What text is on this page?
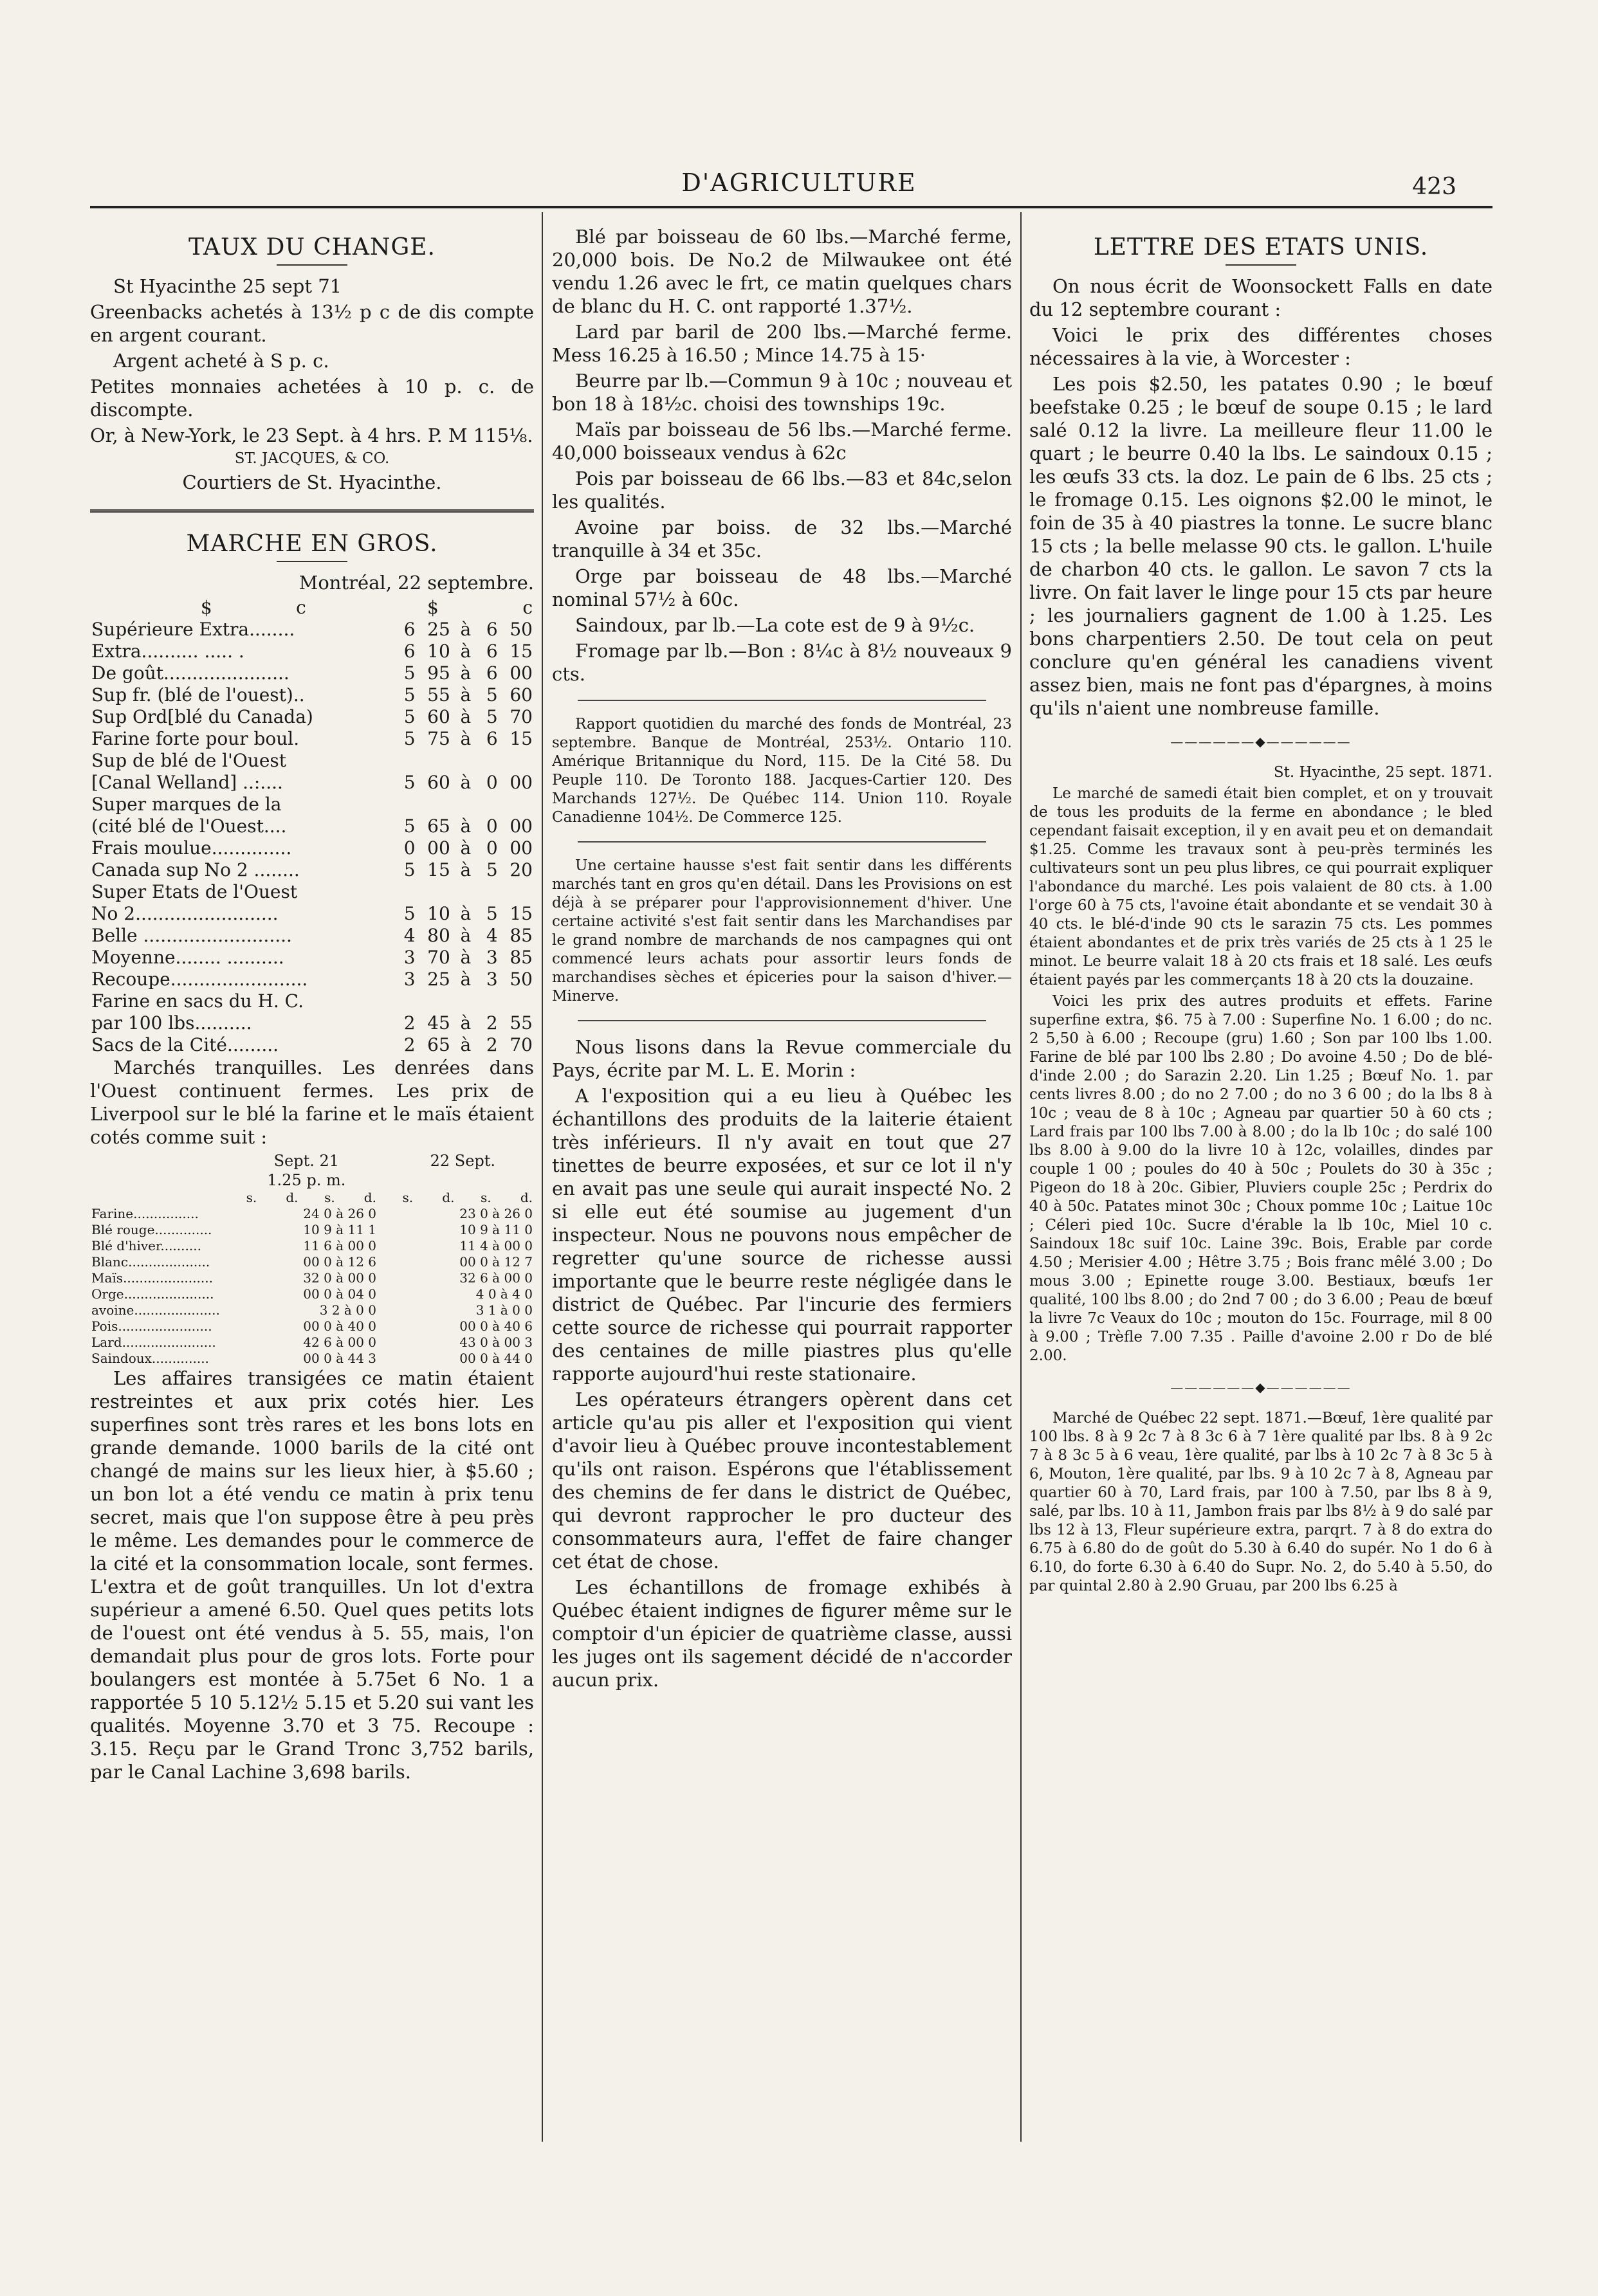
D'AGRICULTURE	423
TAUX DU CHANGE.

St Hyacinthe 25 sept 71

Greenbacks achetés à 13½ p c de dis compte en argent courant.

Argent acheté à S p. c.

Petites monnaies achetées à 10 p. c. de discompte.

Or, à New-York, le 23 Sept. à 4 hrs. P. M 115⅛.

ST. JACQUES, & CO.

Courtiers de St. Hyacinthe.

MARCHE EN GROS.

Montréal, 22 septembre.

	$	c		$	c
Supérieure Extra........	6	25	à	6	50
Extra.......... ..... .	6	10	à	6	15
De goût......................	5	95	à	6	00
Sup fr. (blé de l'ouest)..	5	55	à	5	60
Sup Ord[blé du Canada)	5	60	à	5	70
Farine forte pour boul.	5	75	à	6	15
Sup de blé de l'Ouest					
[Canal Welland] ..:....	5	60	à	0	00
Super marques de la					
(cité blé de l'Ouest....	5	65	à	0	00
Frais moulue..............	0	00	à	0	00
Canada sup No 2 ........	5	15	à	5	20
Super Etats de l'Ouest					
No 2.........................	5	10	à	5	15
Belle ..........................	4	80	à	4	85
Moyenne........ ..........	3	70	à	3	85
Recoupe........................	3	25	à	3	50
Farine en sacs du H. C.					
par 100 lbs..........	2	45	à	2	55
Sacs de la Cité.........	2	65	à	2	70

Marchés tranquilles. Les denrées dans l'Ouest continuent fermes. Les prix de Liverpool sur le blé la farine et le maïs étaient cotés comme suit :

	Sept. 21	22 Sept.
	1.25 p. m.	
	s.	d.	s.	d.	s.	d.	s.	d.
Farine................	24 0 à 26 0	23 0 à 26 0
Blé rouge..............	10 9 à 11 1	10 9 à 11 0
Blé d'hiver..........	11 6 à 00 0	11 4 à 00 0
Blanc....................	00 0 à 12 6	00 0 à 12 7
Maïs......................	32 0 à 00 0	32 6 à 00 0
Orge......................	00 0 à 04 0	4 0 à 4 0
avoine.....................	3 2 à 0 0	3 1 à 0 0
Pois.......................	00 0 à 40 0	00 0 à 40 6
Lard.......................	42 6 à 00 0	43 0 à 00 3
Saindoux..............	00 0 à 44 3	00 0 à 44 0

Les affaires transigées ce matin étaient restreintes et aux prix cotés hier. Les superfines sont très rares et les bons lots en grande demande. 1000 barils de la cité ont changé de mains sur les lieux hier, à $5.60 ; un bon lot a été vendu ce matin à prix tenu secret, mais que l'on suppose être à peu près le même. Les demandes pour le commerce de la cité et la consommation locale, sont fermes. L'extra et de goût tranquilles. Un lot d'extra supérieur a amené 6.50. Quel ques petits lots de l'ouest ont été vendus à 5. 55, mais, l'on demandait plus pour de gros lots. Forte pour boulangers est montée à 5.75et 6 No. 1 a rapportée 5 10 5.12½ 5.15 et 5.20 sui vant les qualités. Moyenne 3.70 et 3 75. Recoupe : 3.15. Reçu par le Grand Tronc 3,752 barils, par le Canal Lachine 3,698 barils.

Blé par boisseau de 60 lbs.—Marché ferme, 20,000 bois. De No.2 de Milwaukee ont été vendu 1.26 avec le frt, ce matin quelques chars de blanc du H. C. ont rapporté 1.37½.

Lard par baril de 200 lbs.—Marché ferme. Mess 16.25 à 16.50 ; Mince 14.75 à 15·

Beurre par lb.—Commun 9 à 10c ; nouveau et bon 18 à 18½c. choisi des townships 19c.

Maïs par boisseau de 56 lbs.—Marché ferme. 40,000 boisseaux vendus à 62c

Pois par boisseau de 66 lbs.—83 et 84c,selon les qualités.

Avoine par boiss. de 32 lbs.—Marché tranquille à 34 et 35c.

Orge par boisseau de 48 lbs.—Marché nominal 57½ à 60c.

Saindoux, par lb.—La cote est de 9 à 9½c.

Fromage par lb.—Bon : 8¼c à 8½ nouveaux 9 cts.

Rapport quotidien du marché des fonds de Montréal, 23 septembre. Banque de Montréal, 253½. Ontario 110. Amérique Britannique du Nord, 115. De la Cité 58. Du Peuple 110. De Toronto 188. Jacques-Cartier 120. Des Marchands 127½. De Québec 114. Union 110. Royale Canadienne 104½. De Commerce 125.

Une certaine hausse s'est fait sentir dans les différents marchés tant en gros qu'en détail. Dans les Provisions on est déjà à se préparer pour l'approvisionnement d'hiver. Une certaine activité s'est fait sentir dans les Marchandises par le grand nombre de marchands de nos campagnes qui ont commencé leurs achats pour assortir leurs fonds de marchandises sèches et épiceries pour la saison d'hiver.—Minerve.

Nous lisons dans la Revue commerciale du Pays, écrite par M. L. E. Morin :

A l'exposition qui a eu lieu à Québec les échantillons des produits de la laiterie étaient très inférieurs. Il n'y avait en tout que 27 tinettes de beurre exposées, et sur ce lot il n'y en avait pas une seule qui aurait inspecté No. 2 si elle eut été soumise au jugement d'un inspecteur. Nous ne pouvons nous empêcher de regretter qu'une source de richesse aussi importante que le beurre reste négligée dans le district de Québec. Par l'incurie des fermiers cette source de richesse qui pourrait rapporter des centaines de mille piastres plus qu'elle rapporte aujourd'hui reste stationaire.

Les opérateurs étrangers opèrent dans cet article qu'au pis aller et l'exposition qui vient d'avoir lieu à Québec prouve incontestablement qu'ils ont raison. Espérons que l'établissement des chemins de fer dans le district de Québec, qui devront rapprocher le pro ducteur des consommateurs aura, l'effet de faire changer cet état de chose.

Les échantillons de fromage exhibés à Québec étaient indignes de figurer même sur le comptoir d'un épicier de quatrième classe, aussi les juges ont ils sagement décidé de n'accorder aucun prix.

LETTRE DES ETATS UNIS.

On nous écrit de Woonsockett Falls en date du 12 septembre courant :

Voici le prix des différentes choses nécessaires à la vie, à Worcester :

Les pois $2.50, les patates 0.90 ; le bœuf beefstake 0.25 ; le bœuf de soupe 0.15 ; le lard salé 0.12 la livre. La meilleure fleur 11.00 le quart ; le beurre 0.40 la lbs. Le saindoux 0.15 ; les œufs 33 cts. la doz. Le pain de 6 lbs. 25 cts ; le fromage 0.15. Les oignons $2.00 le minot, le foin de 35 à 40 piastres la tonne. Le sucre blanc 15 cts ; la belle melasse 90 cts. le gallon. L'huile de charbon 40 cts. le gallon. Le savon 7 cts la livre. On fait laver le linge pour 15 cts par heure ; les journaliers gagnent de 1.00 à 1.25. Les bons charpentiers 2.50. De tout cela on peut conclure qu'en général les canadiens vivent assez bien, mais ne font pas d'épargnes, à moins qu'ils n'aient une nombreuse famille.

——————◆——————

St. Hyacinthe, 25 sept. 1871.

Le marché de samedi était bien complet, et on y trouvait de tous les produits de la ferme en abondance ; le bled cependant faisait exception, il y en avait peu et on demandait $1.25. Comme les travaux sont à peu-près terminés les cultivateurs sont un peu plus libres, ce qui pourrait expliquer l'abondance du marché. Les pois valaient de 80 cts. à 1.00 l'orge 60 à 75 cts, l'avoine était abondante et se vendait 30 à 40 cts. le blé-d'inde 90 cts le sarazin 75 cts. Les pommes étaient abondantes et de prix très variés de 25 cts à 1 25 le minot. Le beurre valait 18 à 20 cts frais et 18 salé. Les œufs étaient payés par les commerçants 18 à 20 cts la douzaine.

Voici les prix des autres produits et effets. Farine superfine extra, $6. 75 à 7.00 : Superfine No. 1 6.00 ; do nc. 2 5,50 à 6.00 ; Recoupe (gru) 1.60 ; Son par 100 lbs 1.00. Farine de blé par 100 lbs 2.80 ; Do avoine 4.50 ; Do de blé-d'inde 2.00 ; do Sarazin 2.20. Lin 1.25 ; Bœuf No. 1. par cents livres 8.00 ; do no 2 7.00 ; do no 3 6 00 ; do la lbs 8 à 10c ; veau de 8 à 10c ; Agneau par quartier 50 à 60 cts ; Lard frais par 100 lbs 7.00 à 8.00 ; do la lb 10c ; do salé 100 lbs 8.00 à 9.00 do la livre 10 à 12c, volailles, dindes par couple 1 00 ; poules do 40 à 50c ; Poulets do 30 à 35c ; Pigeon do 18 à 20c. Gibier, Pluviers couple 25c ; Perdrix do 40 à 50c. Patates minot 30c ; Choux pomme 10c ; Laitue 10c ; Céleri pied 10c. Sucre d'érable la lb 10c, Miel 10 c. Saindoux 18c suif 10c. Laine 39c. Bois, Erable par corde 4.50 ; Merisier 4.00 ; Hêtre 3.75 ; Bois franc mêlé 3.00 ; Do mous 3.00 ; Epinette rouge 3.00. Bestiaux, bœufs 1er qualité, 100 lbs 8.00 ; do 2nd 7 00 ; do 3 6.00 ; Peau de bœuf la livre 7c Veaux do 10c ; mouton do 15c. Fourrage, mil 8 00 à 9.00 ; Trèfle 7.00 7.35 . Paille d'avoine 2.00 r Do de blé 2.00.

——————◆——————

Marché de Québec 22 sept. 1871.—Bœuf, 1ère qualité par 100 lbs. 8 à 9 2c 7 à 8 3c 6 à 7 1ère qualité par lbs. 8 à 9 2c 7 à 8 3c 5 à 6 veau, 1ère qualité, par lbs à 10 2c 7 à 8 3c 5 à 6, Mouton, 1ère qualité, par lbs. 9 à 10 2c 7 à 8, Agneau par quartier 60 à 70, Lard frais, par 100 à 7.50, par lbs 8 à 9, salé, par lbs. 10 à 11, Jambon frais par lbs 8½ à 9 do salé par lbs 12 à 13, Fleur supérieure extra, parqrt. 7 à 8 do extra do 6.75 à 6.80 do de goût do 5.30 à 6.40 do supér. No 1 do 6 à 6.10, do forte 6.30 à 6.40 do Supr. No. 2, do 5.40 à 5.50, do par quintal 2.80 à 2.90 Gruau, par 200 lbs 6.25 à
